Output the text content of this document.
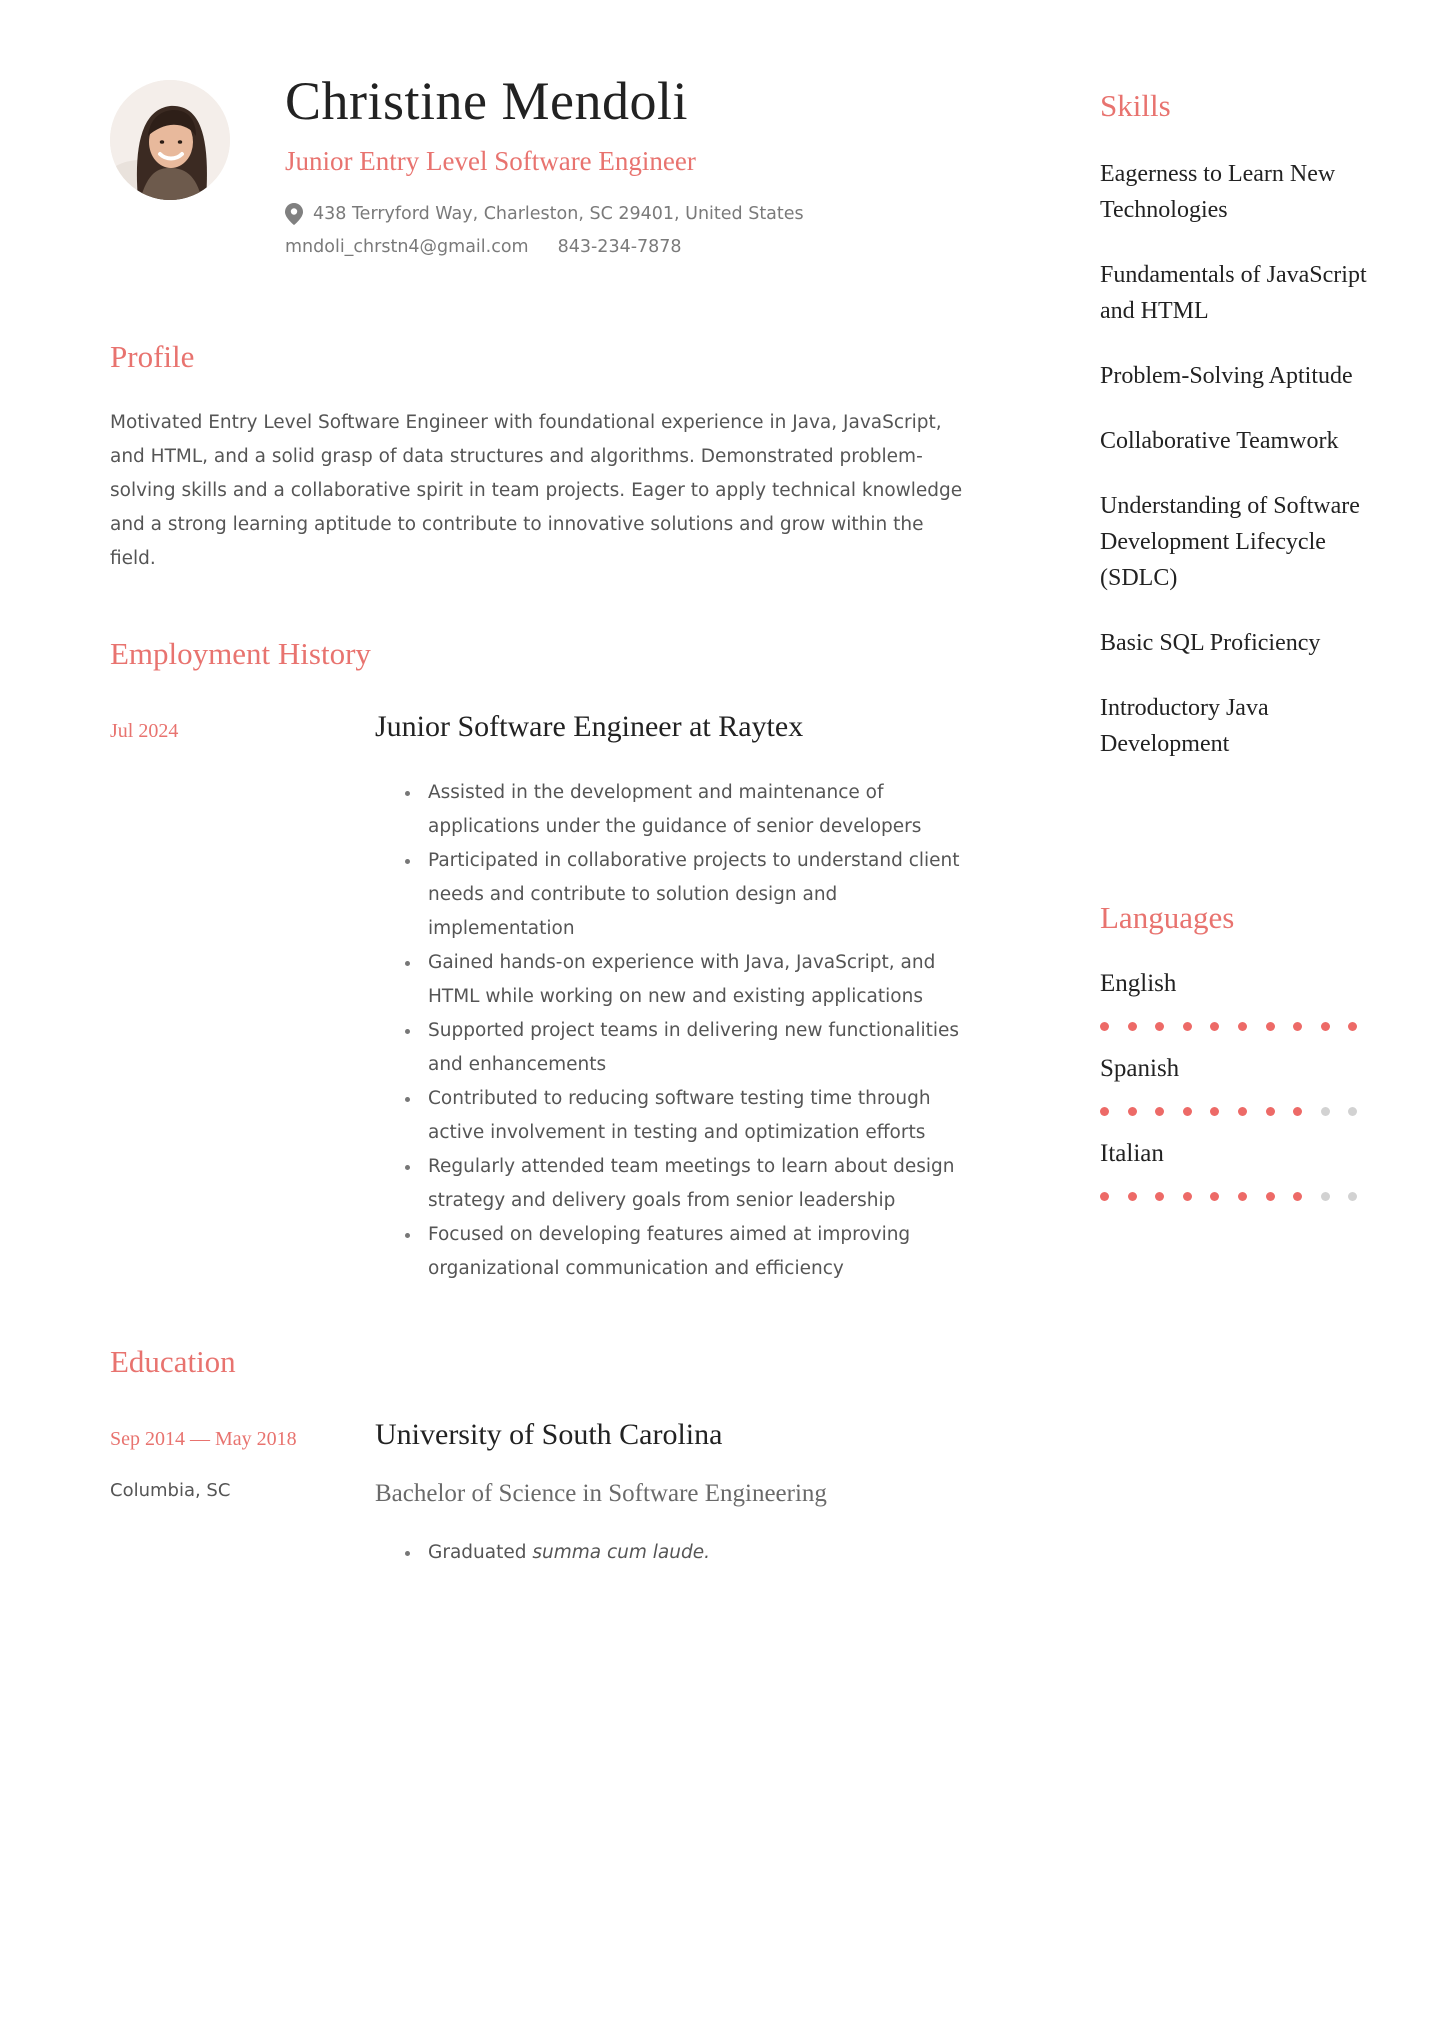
Christine Mendoli
Junior Entry Level Software Engineer
438 Terryford Way, Charleston, SC 29401, United States
mndoli_chrstn4@gmail.com 843-234-7878
Profile

Motivated Entry Level Software Engineer with foundational experience in Java, JavaScript, and HTML, and a solid grasp of data structures and algorithms. Demonstrated problem-solving skills and a collaborative spirit in team projects. Eager to apply technical knowledge and a strong learning aptitude to contribute to innovative solutions and grow within the field.

Employment History
Jul 2024	Junior Software Engineer at Raytex
Assisted in the development and maintenance of applications under the guidance of senior developers
Participated in collaborative projects to understand client needs and contribute to solution design and implementation
Gained hands-on experience with Java, JavaScript, and HTML while working on new and existing applications
Supported project teams in delivering new functionalities and enhancements
Contributed to reducing software testing time through active involvement in testing and optimization efforts
Regularly attended team meetings to learn about design strategy and delivery goals from senior leadership
Focused on developing features aimed at improving organizational communication and efficiency
Education
Sep 2014 — May 2018	University of South Carolina
Columbia, SC	Bachelor of Science in Software Engineering
Graduated summa cum laude.
Skills
Eagerness to Learn New Technologies
Fundamentals of JavaScript and HTML
Problem-Solving Aptitude
Collaborative Teamwork
Understanding of Software Development Lifecycle (SDLC)
Basic SQL Proficiency
Introductory Java Development
Languages
English
Spanish
Italian
